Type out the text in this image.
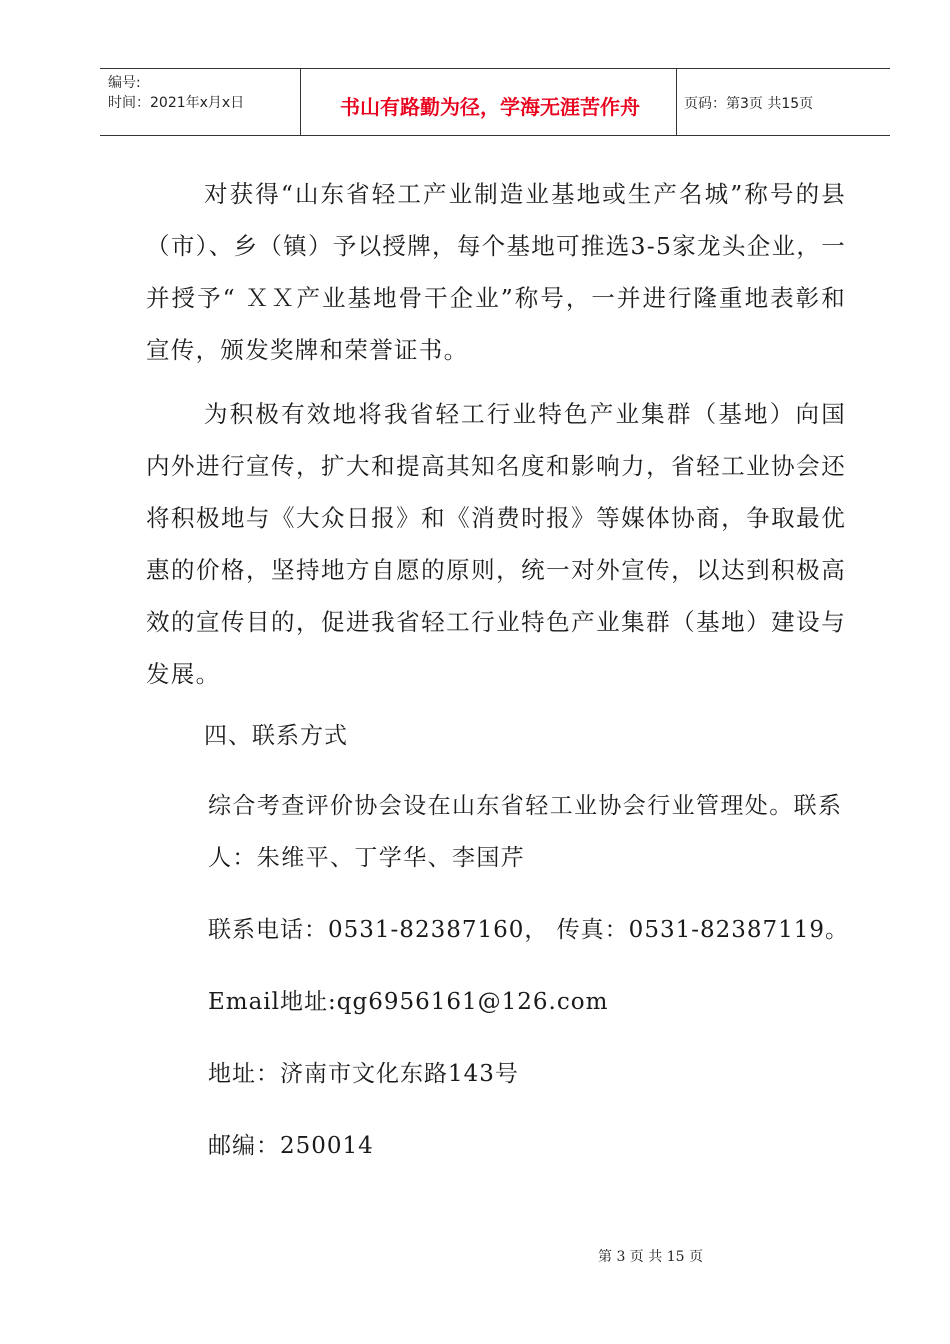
编号:
时间：2021年x月x日	书山有路勤为径，学海无涯苦作舟	页码：第3页 共15页

对获得“山东省轻工产业制造业基地或生产名城”称号的县（市）、乡（镇）予以授牌，每个基地可推选3-5家龙头企业，一并授予“ ＸＸ产业基地骨干企业”称号，一并进行隆重地表彰和宣传，颁发奖牌和荣誉证书。

为积极有效地将我省轻工行业特色产业集群（基地）向国内外进行宣传，扩大和提高其知名度和影响力，省轻工业协会还将积极地与《大众日报》和《消费时报》等媒体协商，争取最优惠的价格，坚持地方自愿的原则，统一对外宣传，以达到积极高效的宣传目的，促进我省轻工行业特色产业集群（基地）建设与发展。

四、联系方式

综合考查评价协会设在山东省轻工业协会行业管理处。联系人：朱维平、丁学华、李国芹

联系电话：0531-82387160， 传真：0531-82387119。
Email地址:qg6956161@126.com
地址：济南市文化东路143号
邮编：250014
第 3 页 共 15 页
